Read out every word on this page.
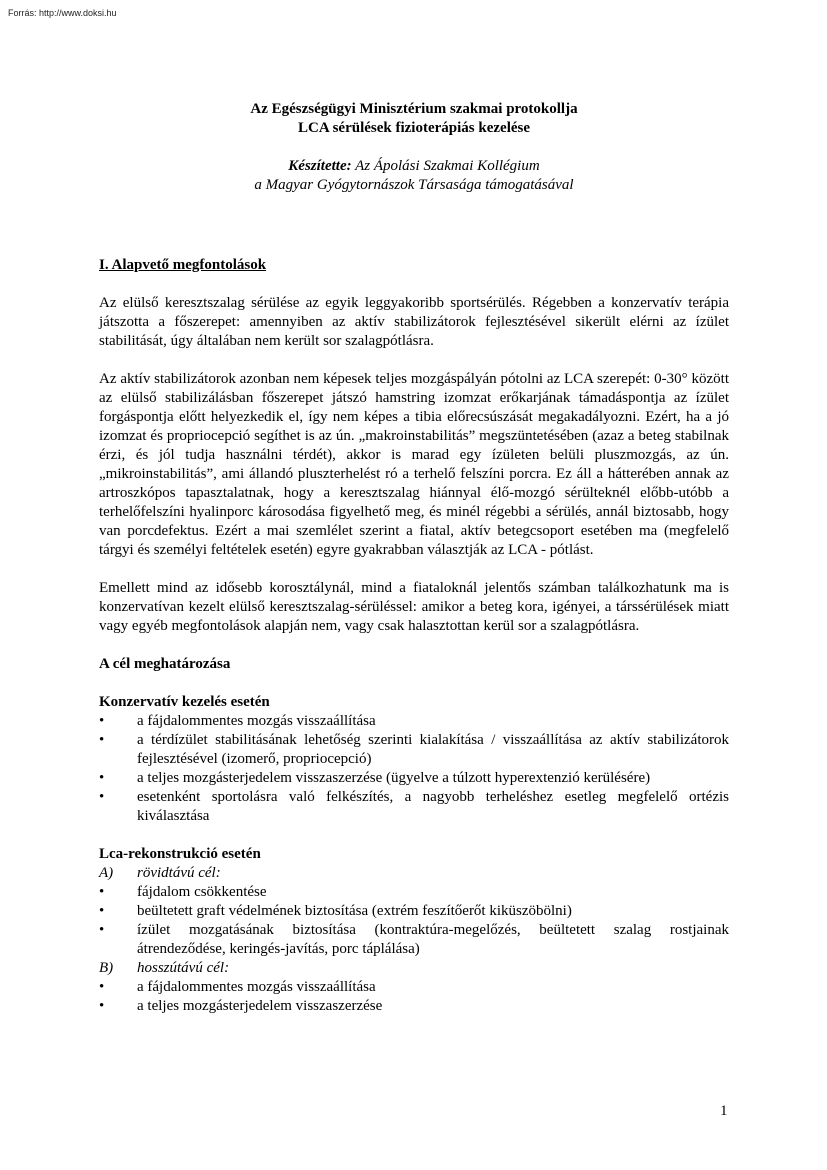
Forrás: http://www.doksi.hu
Az Egészségügyi Minisztérium szakmai protokollja
LCA sérülések fizioterápiás kezelése
Készítette: Az Ápolási Szakmai Kollégium
a Magyar Gyógytornászok Társasága támogatásával
I. Alapvető megfontolások

Az elülső keresztszalag sérülése az egyik leggyakoribb sportsérülés. Régebben a konzervatív terápia játszotta a főszerepet: amennyiben az aktív stabilizátorok fejlesztésével sikerült elérni az ízület stabilitását, úgy általában nem került sor szalagpótlásra.

Az aktív stabilizátorok azonban nem képesek teljes mozgáspályán pótolni az LCA szerepét: 0-30° között az elülső stabilizálásban főszerepet játszó hamstring izomzat erőkarjának támadáspontja az ízület forgáspontja előtt helyezkedik el, így nem képes a tibia előrecsúszását megakadályozni. Ezért, ha a jó izomzat és propriocepció segíthet is az ún. „makroinstabilitás” megszüntetésében (azaz a beteg stabilnak érzi, és jól tudja használni térdét), akkor is marad egy ízületen belüli pluszmozgás, az ún. „mikroinstabilitás”, ami állandó pluszterhelést ró a terhelő felszíni porcra. Ez áll a hátterében annak az artroszkópos tapasztalatnak, hogy a keresztszalag hiánnyal élő-mozgó sérülteknél előbb-utóbb a terhelőfelszíni hyalinporc károsodása figyelhető meg, és minél régebbi a sérülés, annál biztosabb, hogy van porcdefektus. Ezért a mai szemlélet szerint a fiatal, aktív betegcsoport esetében ma (megfelelő tárgyi és személyi feltételek esetén) egyre gyakrabban választják az LCA - pótlást.

Emellett mind az idősebb korosztálynál, mind a fiataloknál jelentős számban találkozhatunk ma is konzervatívan kezelt elülső keresztszalag-sérüléssel: amikor a beteg kora, igényei, a társsérülések miatt vagy egyéb megfontolások alapján nem, vagy csak halasztottan kerül sor a szalagpótlásra.

A cél meghatározása
Konzervatív kezelés esetén
•	a fájdalommentes mozgás visszaállítása
•	a térdízület stabilitásának lehetőség szerinti kialakítása / visszaállítása az aktív stabilizátorok fejlesztésével (izomerő, propriocepció)
•	a teljes mozgásterjedelem visszaszerzése (ügyelve a túlzott hyperextenzió kerülésére)
•	esetenként sportolásra való felkészítés, a nagyobb terheléshez esetleg megfelelő ortézis kiválasztása
Lca-rekonstrukció esetén
A)	rövidtávú cél:
•	fájdalom csökkentése
•	beültetett graft védelmének biztosítása (extrém feszítőerőt kiküszöbölni)
•	ízület mozgatásának biztosítása (kontraktúra-megelőzés, beültetett szalag rostjainak átrendeződése, keringés-javítás, porc táplálása)
B)	hosszútávú cél:
•	a fájdalommentes mozgás visszaállítása
•	a teljes mozgásterjedelem visszaszerzése
1
